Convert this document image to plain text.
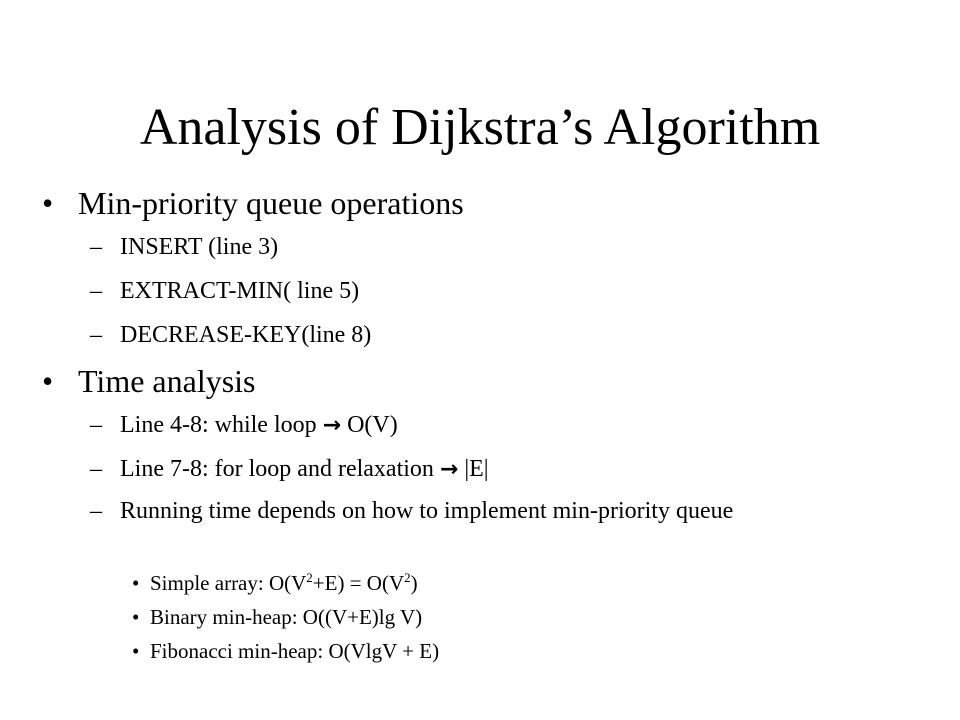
Analysis of Dijkstra’s Algorithm
• Min-priority queue operations
– INSERT (line 3)
– EXTRACT-MIN( line 5)
– DECREASE-KEY(line 8)
• Time analysis
– Line 4-8: while loop → O(V)
– Line 7-8: for loop and relaxation → |E|
– Running time depends on how to implement min-priority queue
• Simple array: $O(V^2+E) = O(V^2)$
• Binary min-heap: O((V+E)lg V)
• Fibonacci min-heap: O(VlgV + E)
